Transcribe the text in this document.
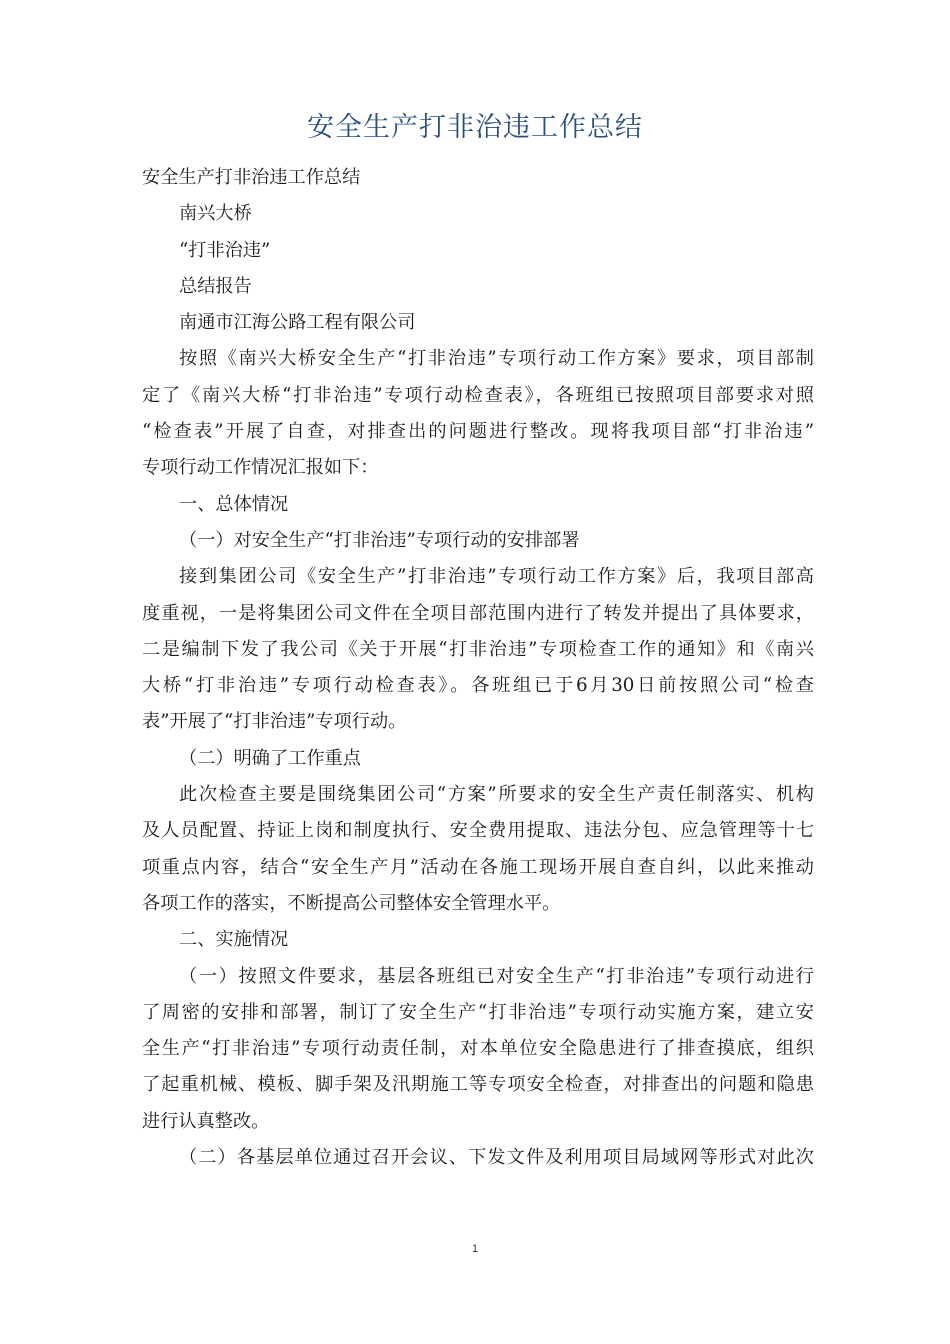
安全生产打非治违工作总结
安全生产打非治违工作总结
南兴大桥
“打非治违”
总结报告
南通市江海公路工程有限公司
按照《南兴大桥安全生产“打非治违”专项行动工作方案》要求，项目部制
定了《南兴大桥“打非治违”专项行动检查表》，各班组已按照项目部要求对照
“检查表”开展了自查，对排查出的问题进行整改。现将我项目部“打非治违”
专项行动工作情况汇报如下：
一、总体情况
（一）对安全生产“打非治违”专项行动的安排部署
接到集团公司《安全生产”打非治违”专项行动工作方案》后，我项目部高
度重视，一是将集团公司文件在全项目部范围内进行了转发并提出了具体要求，
二是编制下发了我公司《关于开展“打非治违”专项检查工作的通知》和《南兴
大桥“打非治违”专项行动检查表》。各班组已于6月30日前按照公司“检查
表”开展了“打非治违”专项行动。
（二）明确了工作重点
此次检查主要是围绕集团公司“方案”所要求的安全生产责任制落实、机构
及人员配置、持证上岗和制度执行、安全费用提取、违法分包、应急管理等十七
项重点内容，结合“安全生产月”活动在各施工现场开展自查自纠，以此来推动
各项工作的落实，不断提高公司整体安全管理水平。
二、实施情况
（一）按照文件要求，基层各班组已对安全生产“打非治违”专项行动进行
了周密的安排和部署，制订了安全生产“打非治违”专项行动实施方案，建立安
全生产“打非治违”专项行动责任制，对本单位安全隐患进行了排查摸底，组织
了起重机械、模板、脚手架及汛期施工等专项安全检查，对排查出的问题和隐患
进行认真整改。
（二）各基层单位通过召开会议、下发文件及利用项目局域网等形式对此次
1
